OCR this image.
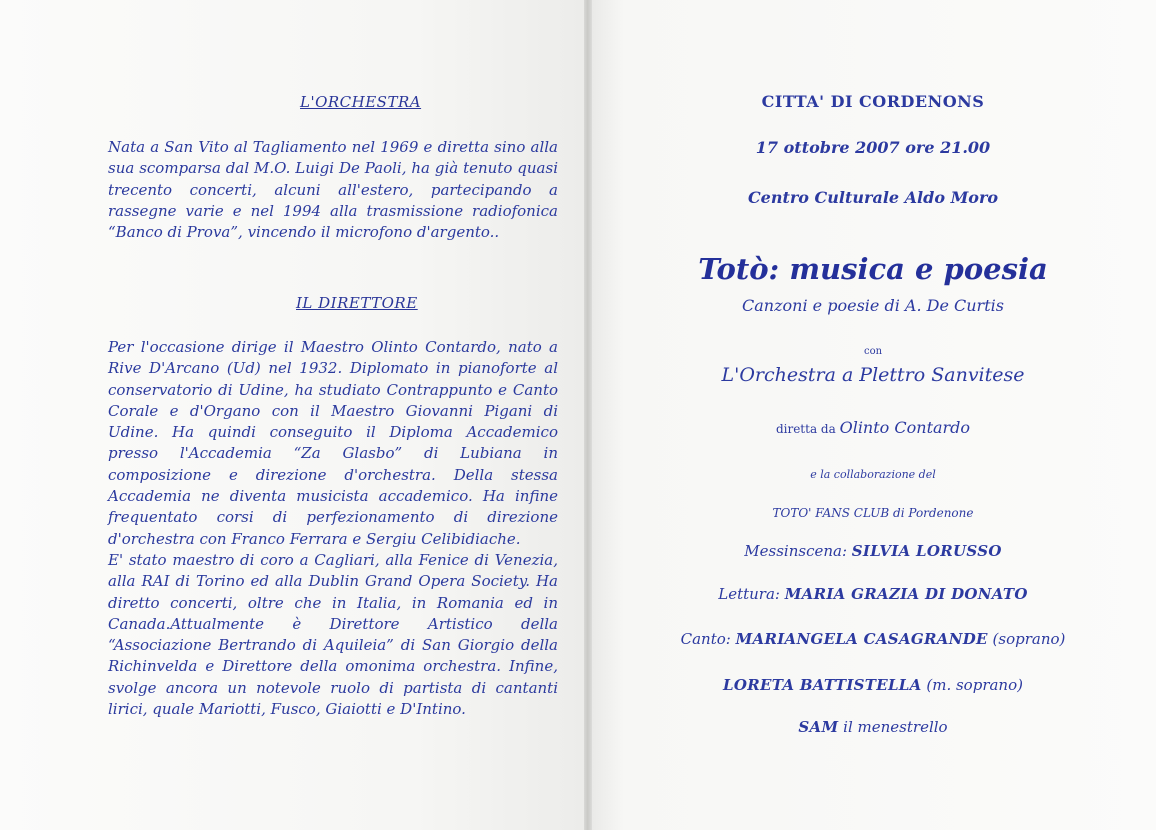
L'ORCHESTRA

Nata a San Vito al Tagliamento nel 1969 e diretta sino alla sua scomparsa dal M.O. Luigi De Paoli, ha già tenuto quasi trecento concerti, alcuni all'estero, partecipando a rassegne varie e nel 1994 alla trasmissione radiofonica “Banco di Prova”, vincendo il microfono d'argento..

IL DIRETTORE

Per l'occasione dirige il Maestro Olinto Contardo, nato a Rive D'Arcano (Ud) nel 1932. Diplomato in pianoforte al conservatorio di Udine, ha studiato Contrappunto e Canto Corale e d'Organo con il Maestro Giovanni Pigani di Udine. Ha quindi conseguito il Diploma Accademico presso l'Accademia “Za Glasbo” di Lubiana in composizione e direzione d'orchestra. Della stessa Accademia ne diventa musicista accademico. Ha infine frequentato corsi di perfezionamento di direzione d'orchestra con Franco Ferrara e Sergiu Celibidiache.

E' stato maestro di coro a Cagliari, alla Fenice di Venezia, alla RAI di Torino ed alla Dublin Grand Opera Society. Ha diretto concerti, oltre che in Italia, in Romania ed in Canada.Attualmente è Direttore Artistico della “Associazione Bertrando di Aquileia” di San Giorgio della Richinvelda e Direttore della omonima orchestra. Infine, svolge ancora un notevole ruolo di partista di cantanti lirici, quale Mariotti, Fusco, Giaiotti e D'Intino.

CITTA' DI CORDENONS
17 ottobre 2007 ore 21.00
Centro Culturale Aldo Moro
Totò: musica e poesia
Canzoni e poesie di A. De Curtis
con
L'Orchestra a Plettro Sanvitese
diretta da Olinto Contardo
e la collaborazione del
TOTO' FANS CLUB di Pordenone
Messinscena: SILVIA LORUSSO
Lettura: MARIA GRAZIA DI DONATO
Canto: MARIANGELA CASAGRANDE (soprano)
LORETA BATTISTELLA (m. soprano)
SAM il menestrello
